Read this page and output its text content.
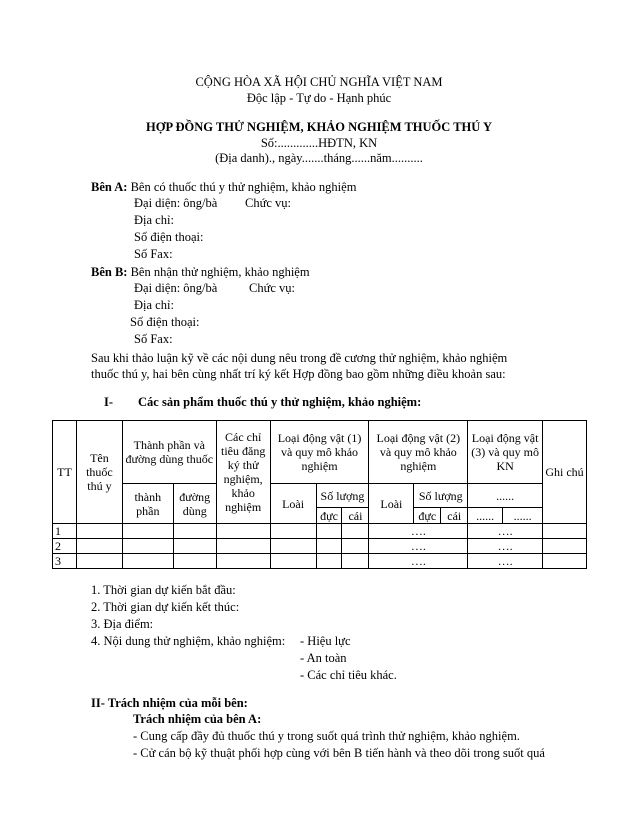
CỘNG HÒA XÃ HỘI CHỦ NGHĨA VIỆT NAM
Độc lập - Tự do - Hạnh phúc
HỢP ĐỒNG THỬ NGHIỆM, KHẢO NGHIỆM THUỐC THÚ Y
Số:.............HĐTN, KN
(Địa danh)., ngày.......tháng......năm..........
Bên A: Bên có thuốc thú y thử nghiệm, khảo nghiệm
Đại diện: ông/bà Chức vụ:
Địa chỉ:
Số điện thoại:
Số Fax:
Bên B: Bên nhận thử nghiệm, khảo nghiệm
Đại diện: ông/bà	Chức vụ:
Địa chỉ:
Số điện thoại:
Số Fax:
Sau khi thảo luận kỹ về các nội dung nêu trong đề cương thử nghiệm, khảo nghiệm
thuốc thú y, hai bên cùng nhất trí ký kết Hợp đồng bao gồm những điều khoản sau:
I- Các sản phẩm thuốc thú y thử nghiệm, khảo nghiệm:
TT	Tên thuốc thú y	Thành phần và đường dùng thuốc		Các chỉ tiêu đăng ký thử nghiệm, khảo nghiệm	Loại động vật (1) và quy mô khảo nghiệm			Loại động vật (2) và quy mô khảo nghiệm			Loại động vật (3) và quy mô KN		Ghi chú
		thành phần	đường dùng		Loài	Số lượng		Loài	Số lượng		......		
						đực	cái		đực	cái	......	......	
1								….			….		
2								….			….		
3								….			….		
1. Thời gian dự kiến bắt đầu:
2. Thời gian dự kiến kết thúc:
3. Địa điểm:
4. Nội dung thử nghiệm, khảo nghiệm: - Hiệu lực
- An toàn
- Các chỉ tiêu khác.
II- Trách nhiệm của mỗi bên:
Trách nhiệm của bên A:
- Cung cấp đầy đủ thuốc thú y trong suốt quá trình thử nghiệm, khảo nghiệm.
- Cử cán bộ kỹ thuật phối hợp cùng với bên B tiến hành và theo dõi trong suốt quá
